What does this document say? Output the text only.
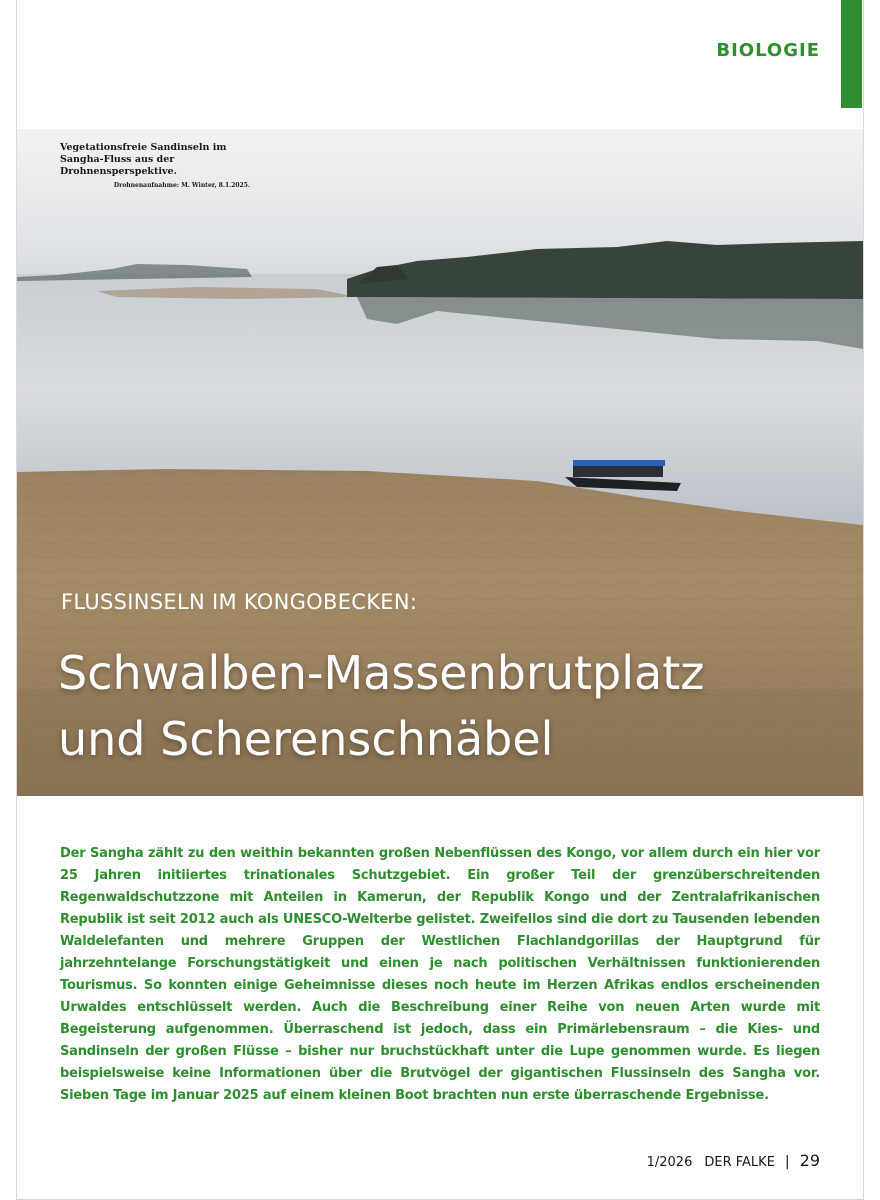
BIOLOGIE
Vegetationsfreie Sandinseln im Sangha-Fluss aus der Drohnensperspektive.
Drohnenaufnahme: M. Winter, 8.1.2025.
FLUSSINSELN IM KONGOBECKEN:
Schwalben-Massenbrutplatz
und Scherenschnäbel
Der Sangha zählt zu den weithin bekannten großen Nebenflüssen des Kongo, vor allem durch ein hier vor 25 Jahren initiiertes trinationales Schutzgebiet. Ein großer Teil der grenzüberschreitenden Regenwaldschutzzone mit Anteilen in Kamerun, der Republik Kongo und der Zentralafrikanischen Republik ist seit 2012 auch als UNESCO-Welterbe gelistet. Zweifellos sind die dort zu Tausenden lebenden Waldelefanten und mehrere Gruppen der Westlichen Flachlandgorillas der Hauptgrund für jahrzehntelange Forschungstätigkeit und einen je nach politischen Verhältnissen funktionierenden Tourismus. So konnten einige Geheimnisse dieses noch heute im Herzen Afrikas endlos erscheinenden Urwaldes entschlüsselt werden. Auch die Beschreibung einer Reihe von neuen Arten wurde mit Begeisterung aufgenommen. Überraschend ist jedoch, dass ein Primärlebensraum – die Kies- und Sandinseln der großen Flüsse – bisher nur bruchstückhaft unter die Lupe genommen wurde. Es liegen beispielsweise keine Informationen über die Brutvögel der gigantischen Flussinseln des Sangha vor. Sieben Tage im Januar 2025 auf einem kleinen Boot brachten nun erste überraschende Ergebnisse.
1/2026 DER FALKE | 29
